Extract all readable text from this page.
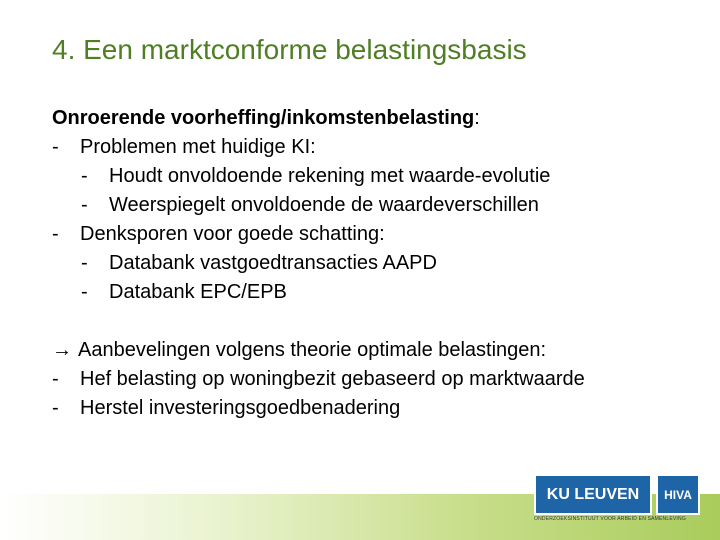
4. Een marktconforme belastingsbasis
Onroerende voorheffing/inkomstenbelasting:
- Problemen met huidige KI:
- Houdt onvoldoende rekening met waarde-evolutie
- Weerspiegelt onvoldoende de waardeverschillen
- Denksporen voor goede schatting:
- Databank vastgoedtransacties AAPD
- Databank EPC/EPB
→ Aanbevelingen volgens theorie optimale belastingen:
- Hef belasting op woningbezit gebaseerd op marktwaarde
- Herstel investeringsgoedbenadering
KU LEUVEN	HIVA
ONDERZOEKSINSTITUUT VOOR ARBEID EN SAMENLEVING
